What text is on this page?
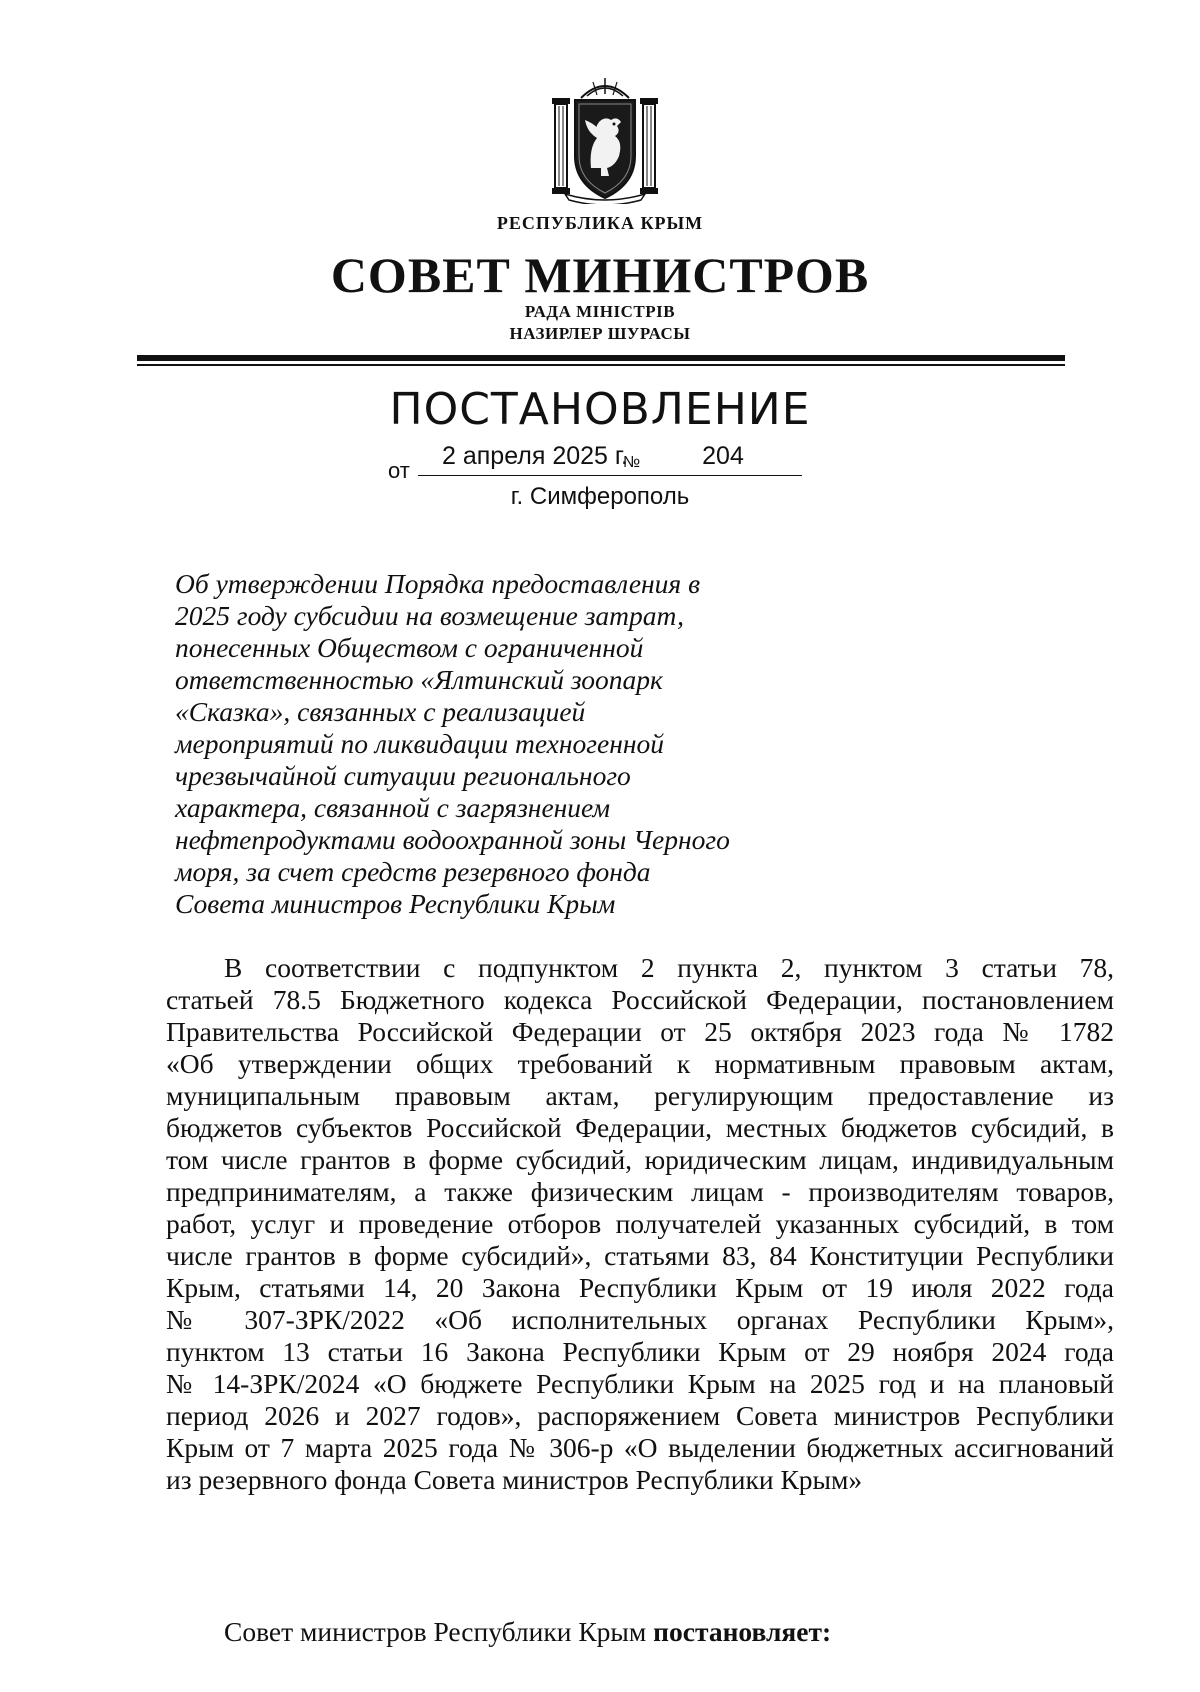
РЕСПУБЛИКА КРЫМ
СОВЕТ МИНИСТРОВ
РАДА МІНІСТРІВ
НАЗИРЛЕР ШУРАСЫ
ПОСТАНОВЛЕНИЕ
от
2 апреля 2025 г.
№	204
г. Симферополь
Об утверждении Порядка предоставления в
2025 году субсидии на возмещение затрат,
понесенных Обществом с ограниченной
ответственностью «Ялтинский зоопарк
«Сказка», связанных с реализацией
мероприятий по ликвидации техногенной
чрезвычайной ситуации регионального
характера, связанной с загрязнением
нефтепродуктами водоохранной зоны Черного
моря, за счет средств резервного фонда
Совета министров Республики Крым
В соответствии с подпунктом 2 пункта 2, пунктом 3 статьи 78,
статьей 78.5 Бюджетного кодекса Российской Федерации, постановлением
Правительства Российской Федерации от 25 октября 2023 года № 1782
«Об утверждении общих требований к нормативным правовым актам,
муниципальным правовым актам, регулирующим предоставление из
бюджетов субъектов Российской Федерации, местных бюджетов субсидий, в
том числе грантов в форме субсидий, юридическим лицам, индивидуальным
предпринимателям, а также физическим лицам - производителям товаров,
работ, услуг и проведение отборов получателей указанных субсидий, в том
числе грантов в форме субсидий», статьями 83, 84 Конституции Республики
Крым, статьями 14, 20 Закона Республики Крым от 19 июля 2022 года
№ 307-ЗРК/2022 «Об исполнительных органах Республики Крым»,
пунктом 13 статьи 16 Закона Республики Крым от 29 ноября 2024 года
№ 14-ЗРК/2024 «О бюджете Республики Крым на 2025 год и на плановый
период 2026 и 2027 годов», распоряжением Совета министров Республики
Крым от 7 марта 2025 года № 306-р «О выделении бюджетных ассигнований
из резервного фонда Совета министров Республики Крым»
Совет министров Республики Крым постановляет:
